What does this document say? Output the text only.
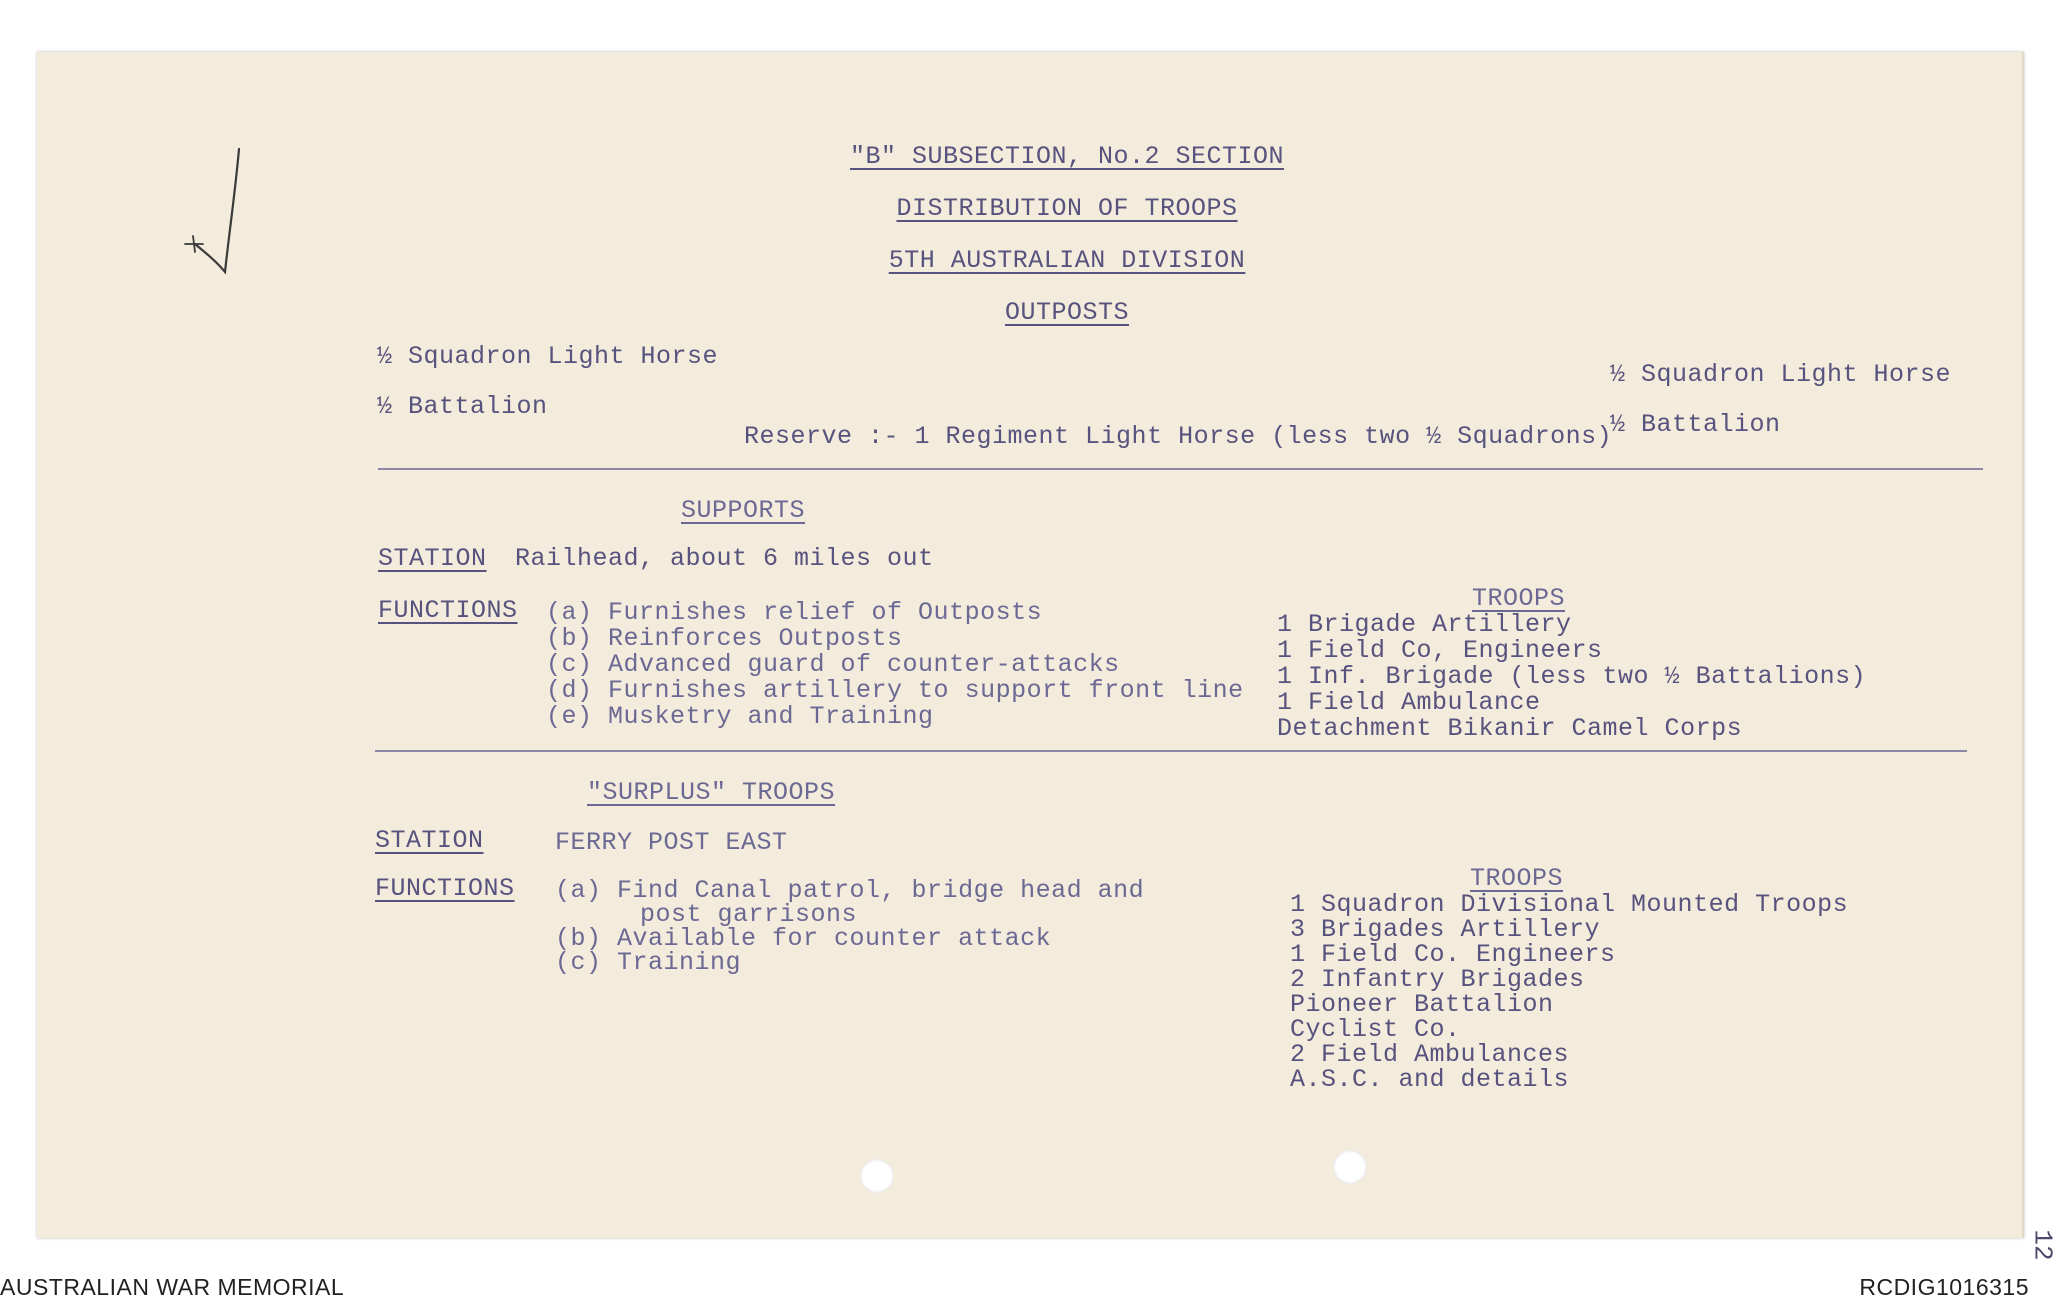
"B" SUBSECTION, No.2 SECTION
DISTRIBUTION OF TROOPS
5TH AUSTRALIAN DIVISION
OUTPOSTS
½ Squadron Light Horse
½ Battalion
½ Squadron Light Horse
½ Battalion
Reserve :- 1 Regiment Light Horse (less two ½ Squadrons)
SUPPORTS
STATION Railhead, about 6 miles out
FUNCTIONS (a) Furnishes relief of Outposts
(b) Reinforces Outposts
(c) Advanced guard of counter-attacks
(d) Furnishes artillery to support front line
(e) Musketry and Training
TROOPS
1 Brigade Artillery
1 Field Co, Engineers
1 Inf. Brigade (less two ½ Battalions)
1 Field Ambulance
Detachment Bikanir Camel Corps
"SURPLUS" TROOPS
STATION	FERRY POST EAST
FUNCTIONS (a) Find Canal patrol, bridge head and
post garrisons
(b) Available for counter attack
(c) Training
TROOPS
1 Squadron Divisional Mounted Troops
3 Brigades Artillery
1 Field Co. Engineers
2 Infantry Brigades
Pioneer Battalion
Cyclist Co.
2 Field Ambulances
A.S.C. and details
12
AUSTRALIAN WAR MEMORIAL	RCDIG1016315
